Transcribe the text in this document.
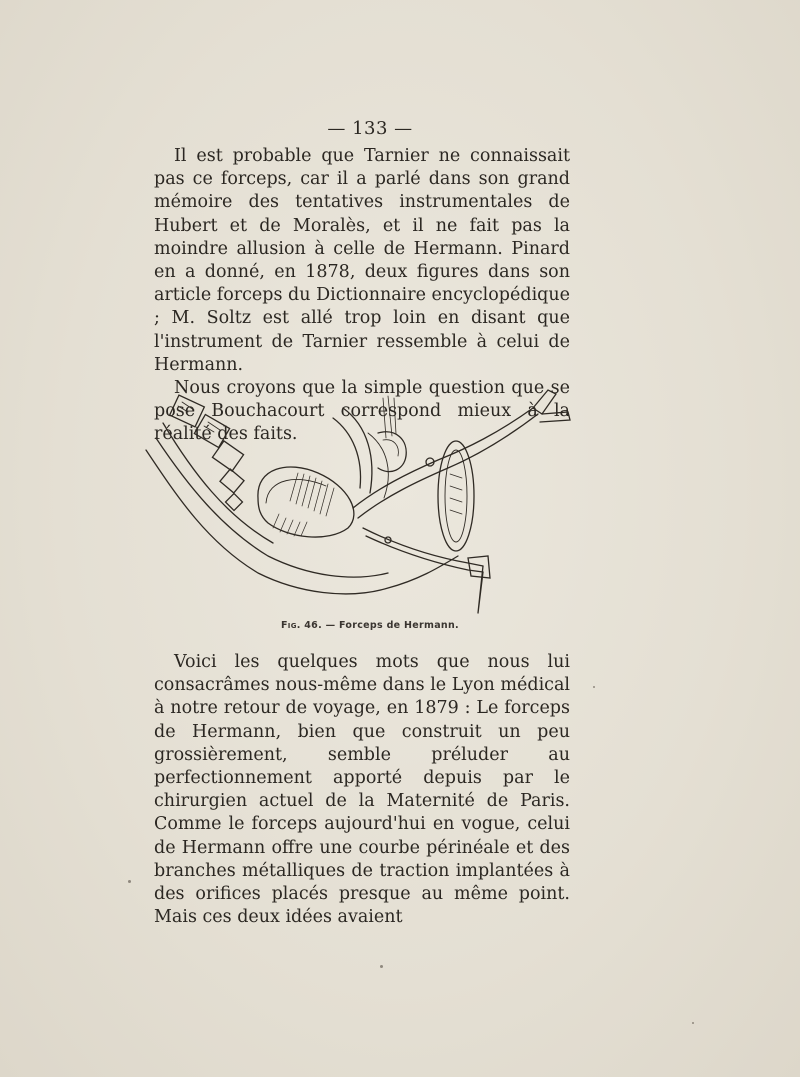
— 133 —

Il est probable que Tarnier ne connaissait pas ce forceps, car il a parlé dans son grand mémoire des tentatives instrumentales de Hubert et de Moralès, et il ne fait pas la moindre allusion à celle de Hermann. Pinard en a donné, en 1878, deux figures dans son article forceps du Dictionnaire encyclopédique ; M. Soltz est allé trop loin en disant que l'instrument de Tarnier ressemble à celui de Hermann.

Nous croyons que la simple question que se pose Bouchacourt correspond mieux à la réalité des faits.

Fig. 46. — Forceps de Hermann.

Voici les quelques mots que nous lui consacrâmes nous-même dans le Lyon médical à notre retour de voyage, en 1879 : Le forceps de Hermann, bien que construit un peu grossièrement, semble préluder au perfectionnement apporté depuis par le chirurgien actuel de la Maternité de Paris. Comme le forceps aujourd'hui en vogue, celui de Hermann offre une courbe périnéale et des branches métalliques de traction implantées à des orifices placés presque au même point. Mais ces deux idées avaient
